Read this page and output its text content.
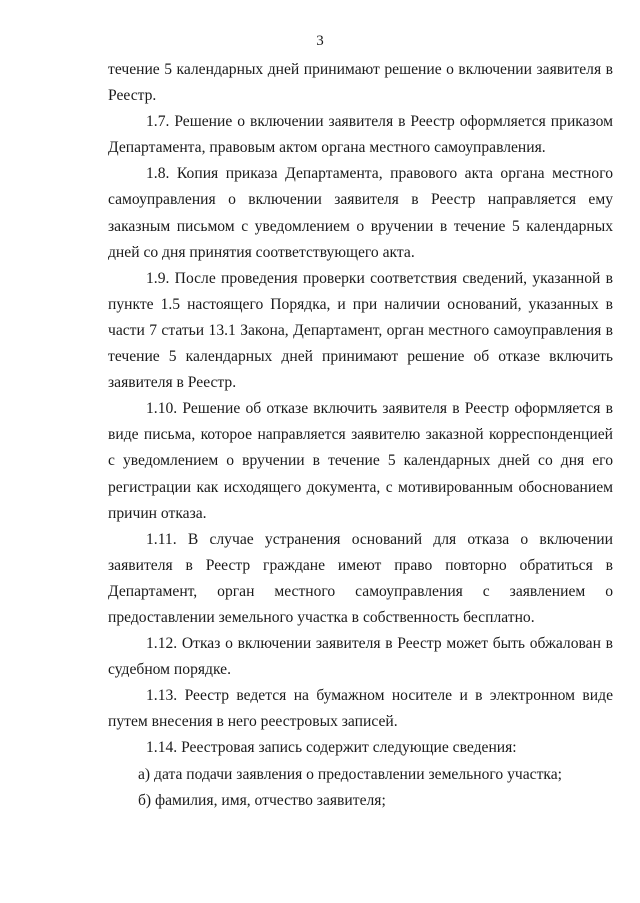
3

течение 5 календарных дней принимают решение о включении заявителя в Реестр.

1.7. Решение о включении заявителя в Реестр оформляется приказом Департамента, правовым актом органа местного самоуправления.

1.8. Копия приказа Департамента, правового акта органа местного самоуправления о включении заявителя в Реестр направляется ему заказным письмом с уведомлением о вручении в течение 5 календарных дней со дня принятия соответствующего акта.

1.9. После проведения проверки соответствия сведений, указанной в пункте 1.5 настоящего Порядка, и при наличии оснований, указанных в части 7 статьи 13.1 Закона, Департамент, орган местного самоуправления в течение 5 календарных дней принимают решение об отказе включить заявителя в Реестр.

1.10. Решение об отказе включить заявителя в Реестр оформляется в виде письма, которое направляется заявителю заказной корреспонденцией с уведомлением о вручении в течение 5 календарных дней со дня его регистрации как исходящего документа, с мотивированным обоснованием причин отказа.

1.11. В случае устранения оснований для отказа о включении заявителя в Реестр граждане имеют право повторно обратиться в Департамент, орган местного самоуправления с заявлением о предоставлении земельного участка в собственность бесплатно.

1.12. Отказ о включении заявителя в Реестр может быть обжалован в судебном порядке.

1.13. Реестр ведется на бумажном носителе и в электронном виде путем внесения в него реестровых записей.

1.14. Реестровая запись содержит следующие сведения:

а) дата подачи заявления о предоставлении земельного участка;

б) фамилия, имя, отчество заявителя;
